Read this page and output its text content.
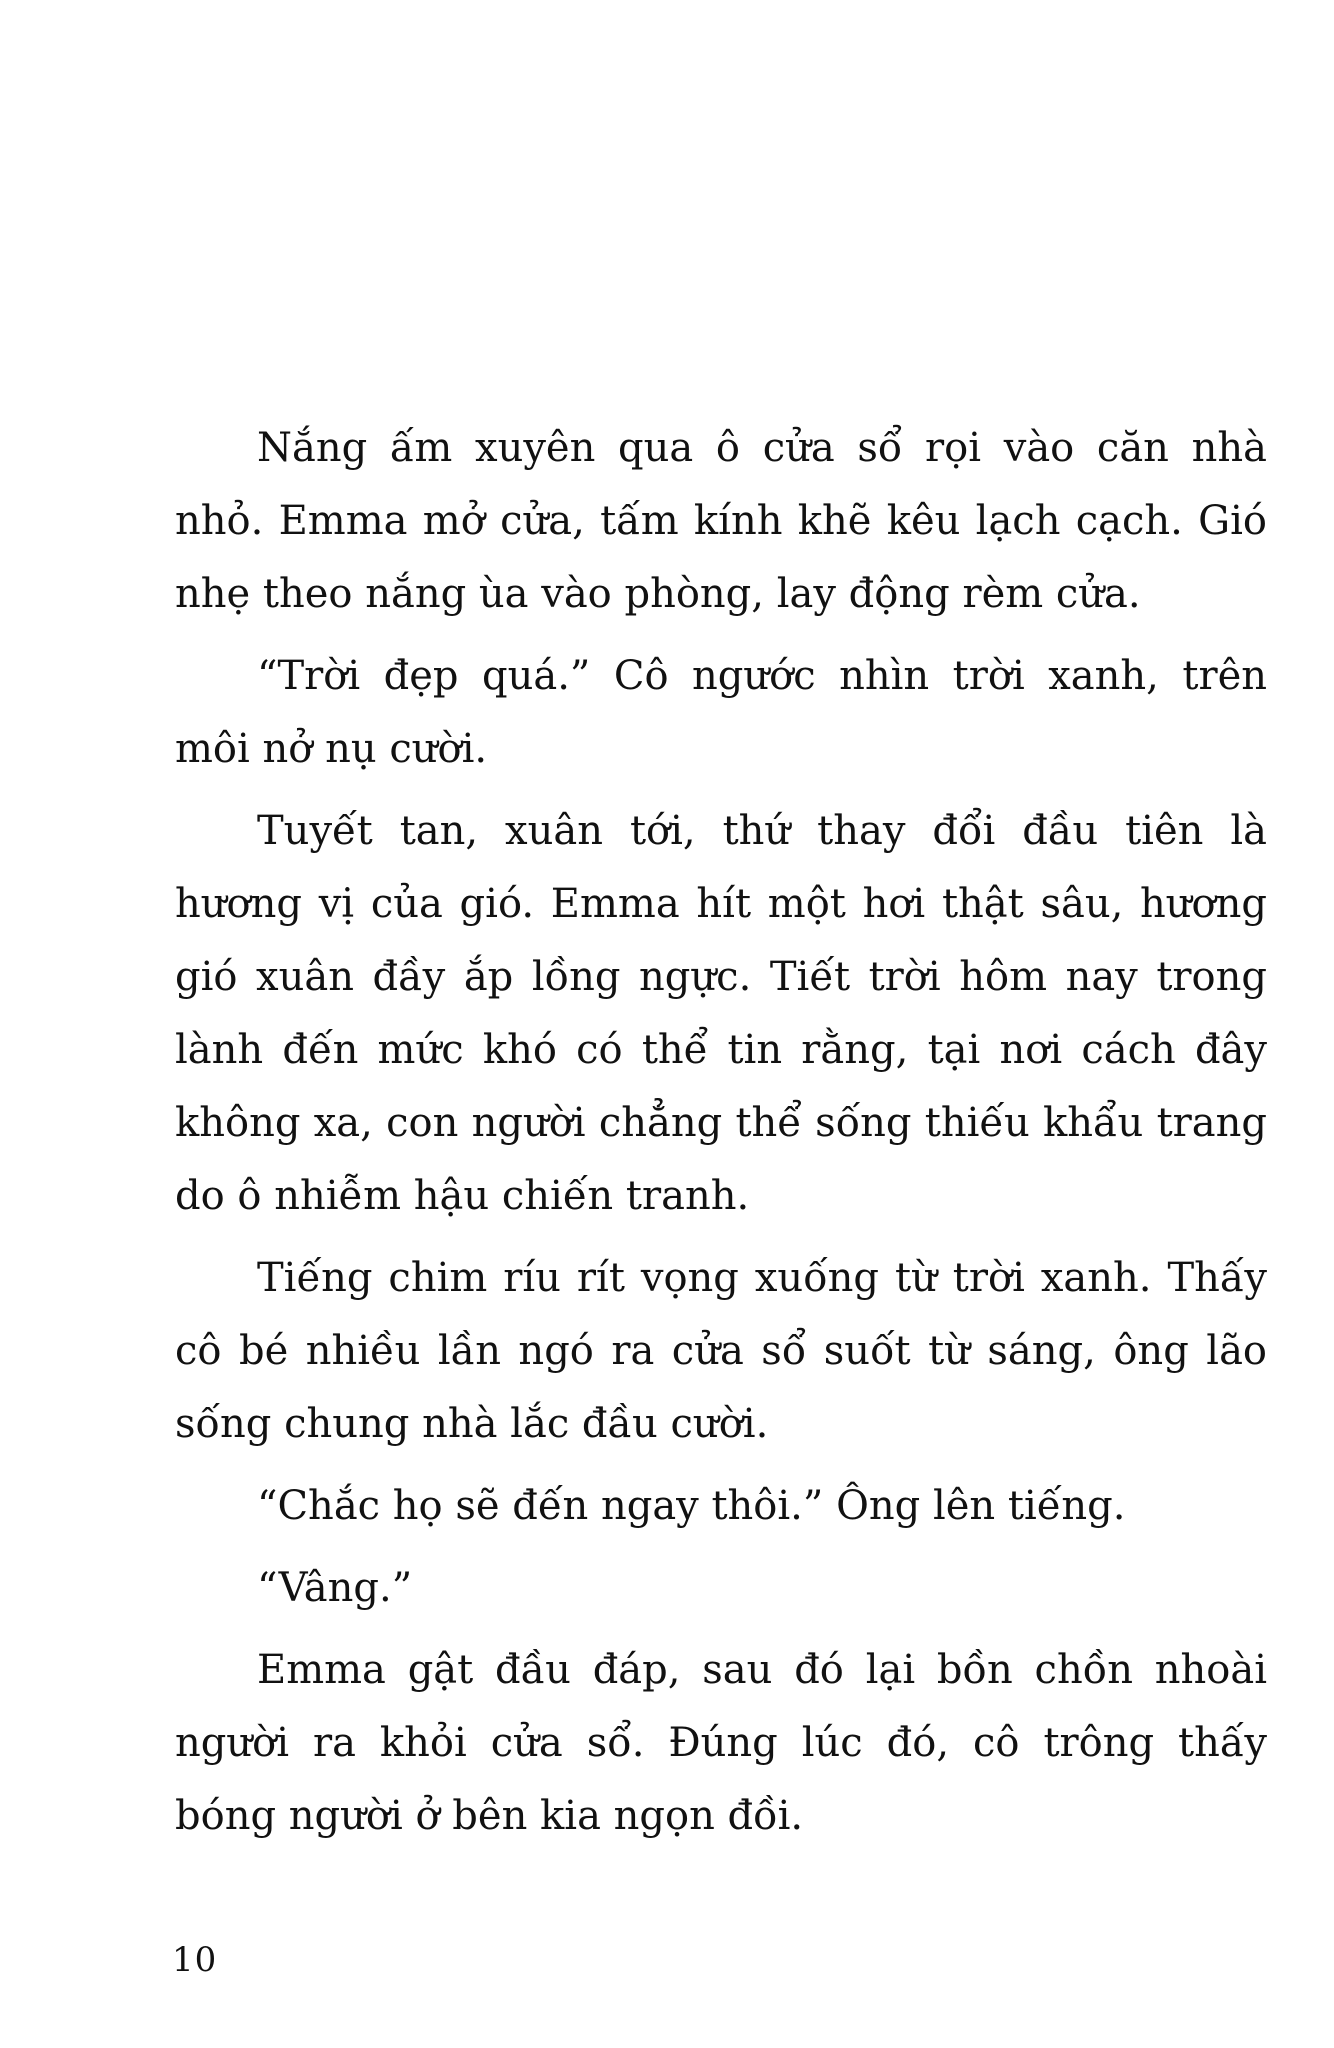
Nắng ấm xuyên qua ô cửa sổ rọi vào căn nhà nhỏ. Emma mở cửa, tấm kính khẽ kêu lạch cạch. Gió nhẹ theo nắng ùa vào phòng, lay động rèm cửa.

“Trời đẹp quá.” Cô ngước nhìn trời xanh, trên môi nở nụ cười.

Tuyết tan, xuân tới, thứ thay đổi đầu tiên là hương vị của gió. Emma hít một hơi thật sâu, hương gió xuân đầy ắp lồng ngực. Tiết trời hôm nay trong lành đến mức khó có thể tin rằng, tại nơi cách đây không xa, con người chẳng thể sống thiếu khẩu trang do ô nhiễm hậu chiến tranh.

Tiếng chim ríu rít vọng xuống từ trời xanh. Thấy cô bé nhiều lần ngó ra cửa sổ suốt từ sáng, ông lão sống chung nhà lắc đầu cười.

“Chắc họ sẽ đến ngay thôi.” Ông lên tiếng.

“Vâng.”

Emma gật đầu đáp, sau đó lại bồn chồn nhoài người ra khỏi cửa sổ. Đúng lúc đó, cô trông thấy bóng người ở bên kia ngọn đồi.

10
